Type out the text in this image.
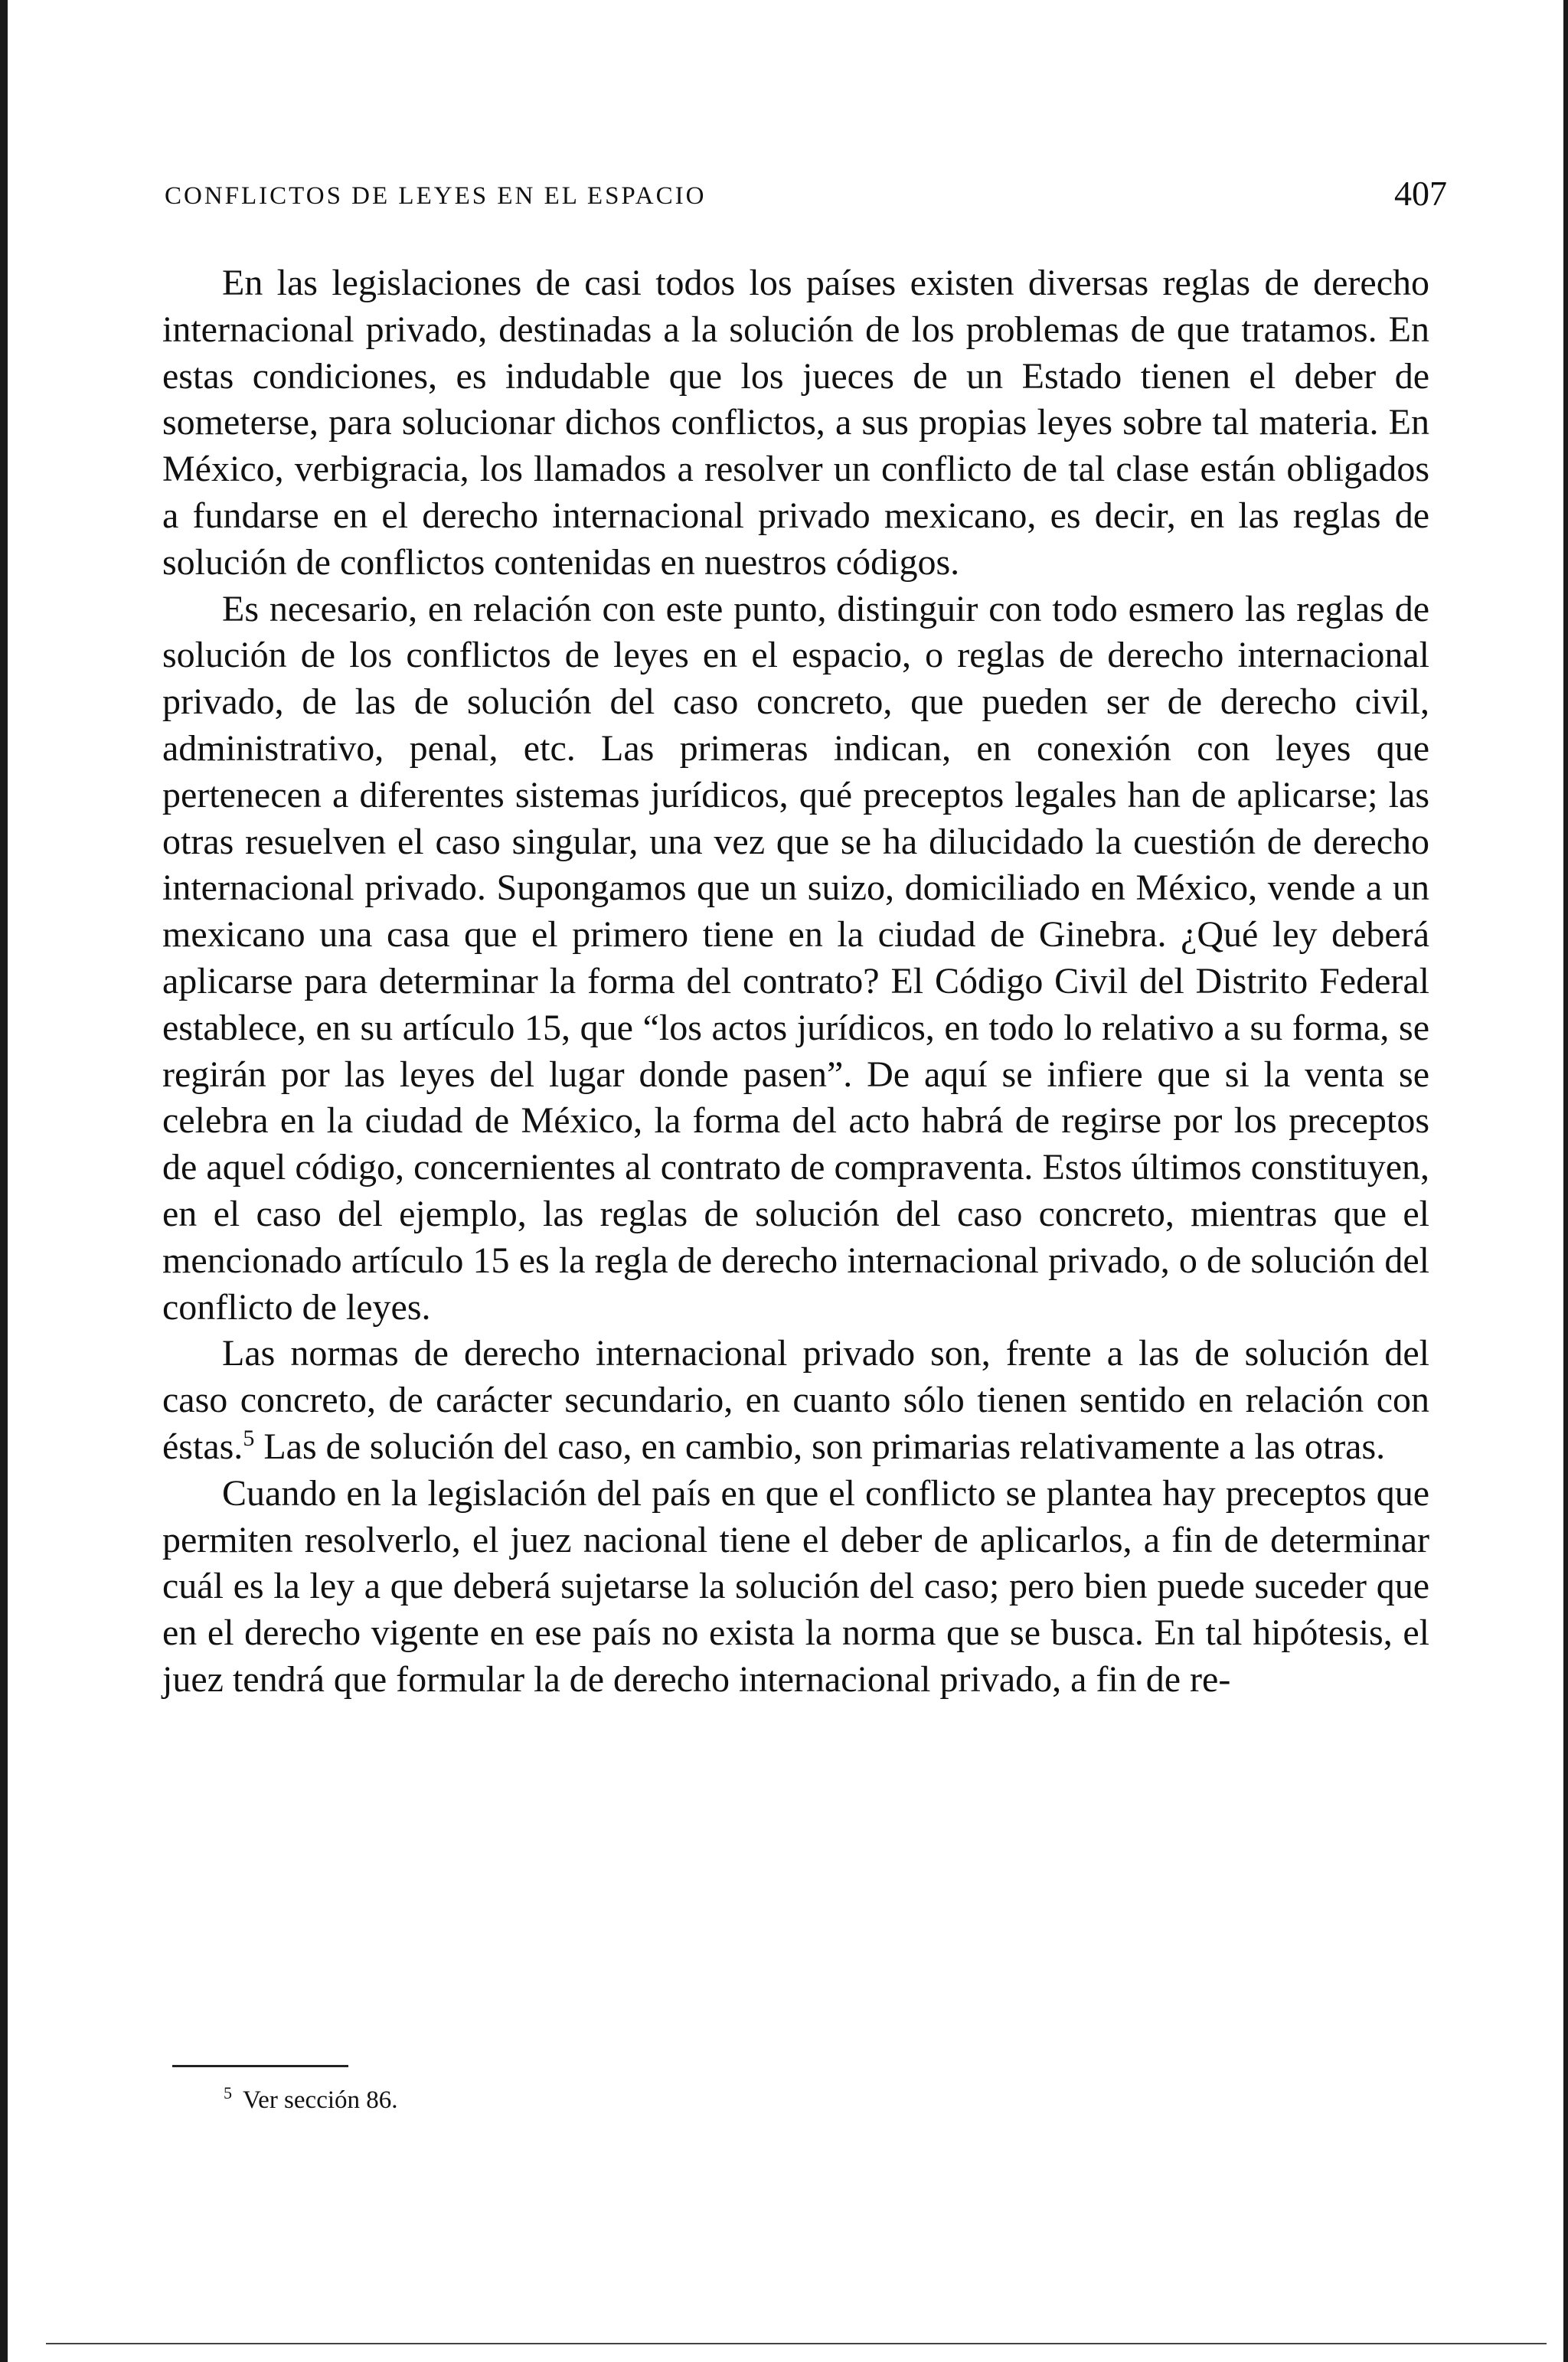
CONFLICTOS DE LEYES EN EL ESPACIO	407

En las legislaciones de casi todos los países existen diversas reglas de derecho internacional privado, destinadas a la solución de los problemas de que tratamos. En estas condiciones, es indudable que los jueces de un Estado tienen el deber de someterse, para solucionar dichos conflictos, a sus propias leyes sobre tal materia. En México, verbigracia, los llamados a resolver un conflicto de tal clase están obligados a fundarse en el derecho internacional privado mexicano, es decir, en las reglas de solución de conflictos contenidas en nuestros códigos.

Es necesario, en relación con este punto, distinguir con todo esmero las reglas de solución de los conflictos de leyes en el espacio, o reglas de derecho internacional privado, de las de solución del caso concreto, que pueden ser de derecho civil, administrativo, penal, etc. Las primeras indican, en conexión con leyes que pertenecen a diferentes sistemas jurídicos, qué preceptos legales han de aplicarse; las otras resuelven el caso singular, una vez que se ha dilucidado la cuestión de derecho internacional privado. Supongamos que un suizo, domiciliado en México, vende a un mexicano una casa que el primero tiene en la ciudad de Ginebra. ¿Qué ley deberá aplicarse para determinar la forma del contrato? El Código Civil del Distrito Federal establece, en su artículo 15, que “los actos jurídicos, en todo lo relativo a su forma, se regirán por las leyes del lugar donde pasen”. De aquí se infiere que si la venta se celebra en la ciudad de México, la forma del acto habrá de regirse por los preceptos de aquel código, concernientes al contrato de compraventa. Estos últimos constituyen, en el caso del ejemplo, las reglas de solución del caso concreto, mientras que el mencionado artículo 15 es la regla de derecho internacional privado, o de solución del conflicto de leyes.

Las normas de derecho internacional privado son, frente a las de solución del caso concreto, de carácter secundario, en cuanto sólo tienen sentido en relación con éstas.$^5$ Las de solución del caso, en cambio, son primarias relativamente a las otras.

Cuando en la legislación del país en que el conflicto se plantea hay preceptos que permiten resolverlo, el juez nacional tiene el deber de aplicarlos, a fin de determinar cuál es la ley a que deberá sujetarse la solución del caso; pero bien puede suceder que en el derecho vigente en ese país no exista la norma que se busca. En tal hipótesis, el juez tendrá que formular la de derecho internacional privado, a fin de re-

$^5$ Ver sección 86.
